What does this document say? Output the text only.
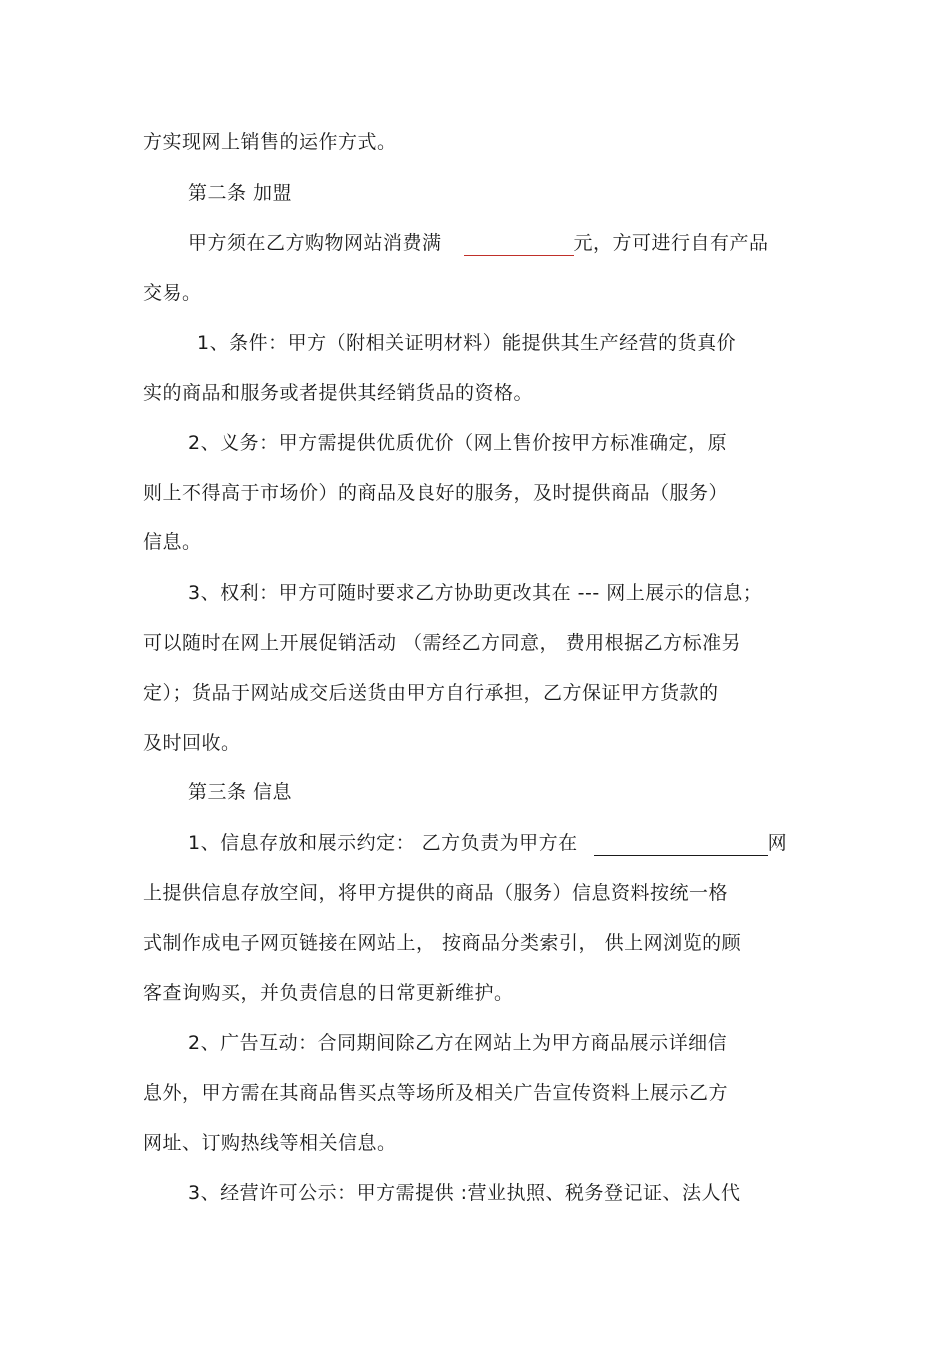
方实现网上销售的运作方式。
第二条 加盟
甲方须在乙方购物网站消费满	元，方可进行自有产品
交易。
1、条件：甲方（附相关证明材料）能提供其生产经营的货真价
实的商品和服务或者提供其经销货品的资格。
2、义务：甲方需提供优质优价（网上售价按甲方标准确定，原
则上不得高于市场价）的商品及良好的服务，及时提供商品（服务）
信息。
3、权利：甲方可随时要求乙方协助更改其在 --- 网上展示的信息；
可以随时在网上开展促销活动 （需经乙方同意， 费用根据乙方标准另
定）；货品于网站成交后送货由甲方自行承担，乙方保证甲方货款的
及时回收。
第三条 信息
1、信息存放和展示约定： 乙方负责为甲方在	网
上提供信息存放空间，将甲方提供的商品（服务）信息资料按统一格
式制作成电子网页链接在网站上， 按商品分类索引， 供上网浏览的顾
客查询购买，并负责信息的日常更新维护。
2、广告互动：合同期间除乙方在网站上为甲方商品展示详细信
息外，甲方需在其商品售买点等场所及相关广告宣传资料上展示乙方
网址、订购热线等相关信息。
3、经营许可公示：甲方需提供 :营业执照、税务登记证、法人代
